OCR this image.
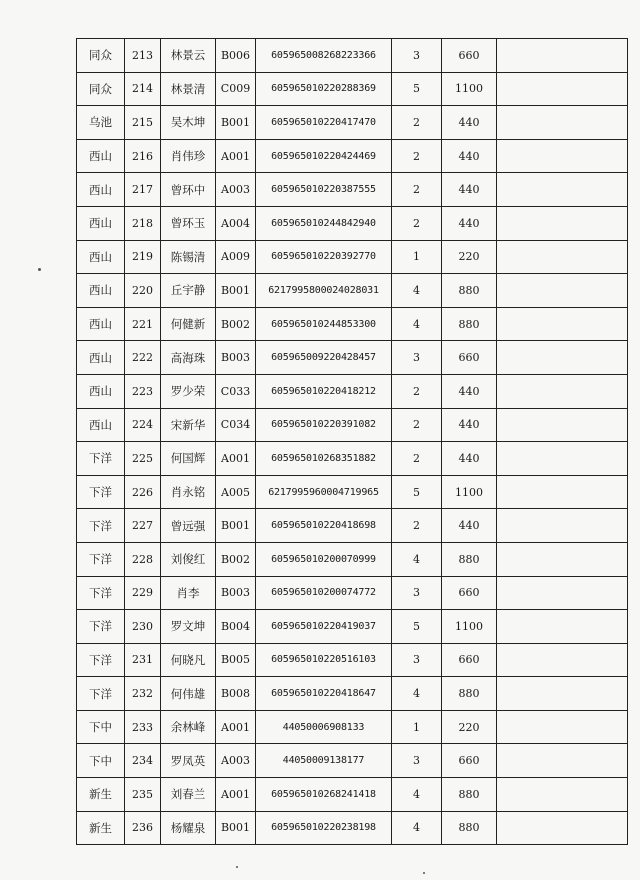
同众	213	林景云	B006	605965008268223366	3	660	
同众	214	林景清	C009	605965010220288369	5	1100	
乌池	215	吴木坤	B001	605965010220417470	2	440	
西山	216	肖伟珍	A001	605965010220424469	2	440	
西山	217	曾环中	A003	605965010220387555	2	440	
西山	218	曾环玉	A004	605965010244842940	2	440	
西山	219	陈锡清	A009	605965010220392770	1	220	
西山	220	丘宇静	B001	6217995800024028031	4	880	
西山	221	何健新	B002	605965010244853300	4	880	
西山	222	高海珠	B003	605965009220428457	3	660	
西山	223	罗少荣	C033	605965010220418212	2	440	
西山	224	宋新华	C034	605965010220391082	2	440	
下洋	225	何国辉	A001	605965010268351882	2	440	
下洋	226	肖永铭	A005	6217995960004719965	5	1100	
下洋	227	曾远强	B001	605965010220418698	2	440	
下洋	228	刘俊红	B002	605965010200070999	4	880	
下洋	229	肖李	B003	605965010200074772	3	660	
下洋	230	罗文坤	B004	605965010220419037	5	1100	
下洋	231	何晓凡	B005	605965010220516103	3	660	
下洋	232	何伟雄	B008	605965010220418647	4	880	
下中	233	余林峰	A001	44050006908133	1	220	
下中	234	罗凤英	A003	44050009138177	3	660	
新生	235	刘春兰	A001	605965010268241418	4	880	
新生	236	杨耀泉	B001	605965010220238198	4	880	
